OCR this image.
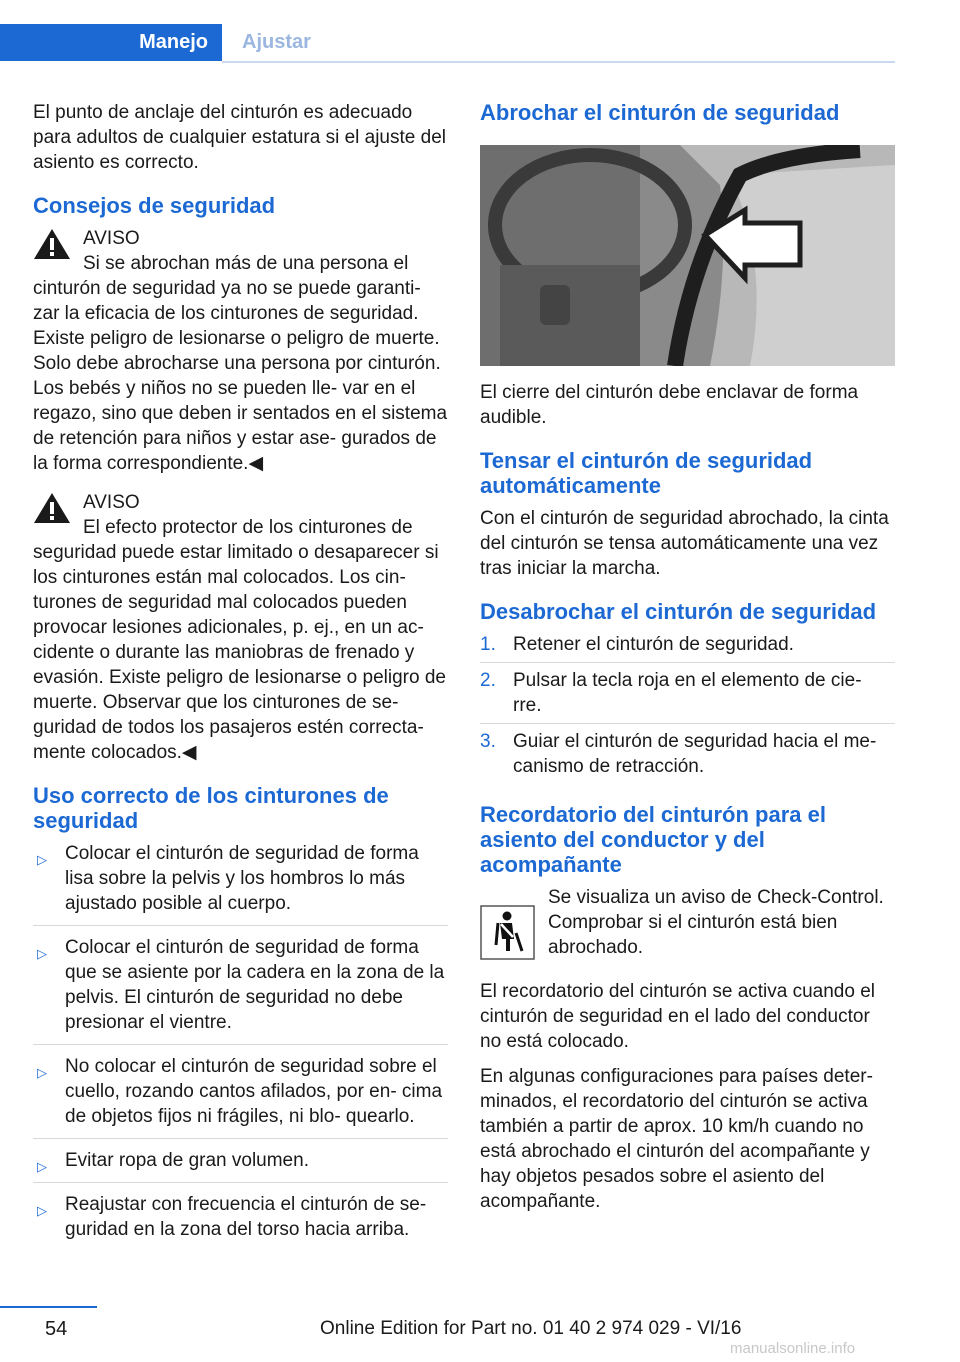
Manejo	Ajustar

El punto de anclaje del cinturón es adecuado para adultos de cualquier estatura si el ajuste del asiento es correcto.

Consejos de seguridad
AVISO
Si se abrochan más de una persona el cinturón de seguridad ya no se puede garanti- zar la eficacia de los cinturones de seguridad. Existe peligro de lesionarse o peligro de muerte. Solo debe abrocharse una persona por cinturón. Los bebés y niños no se pueden lle- var en el regazo, sino que deben ir sentados en el sistema de retención para niños y estar ase- gurados de la forma correspondiente.◀
AVISO
El efecto protector de los cinturones de seguridad puede estar limitado o desaparecer si los cinturones están mal colocados. Los cin- turones de seguridad mal colocados pueden provocar lesiones adicionales, p. ej., en un ac- cidente o durante las maniobras de frenado y evasión. Existe peligro de lesionarse o peligro de muerte. Observar que los cinturones de se- guridad de todos los pasajeros estén correcta- mente colocados.◀
Uso correcto de los cinturones de seguridad
▷ Colocar el cinturón de seguridad de forma lisa sobre la pelvis y los hombros lo más ajustado posible al cuerpo.
▷ Colocar el cinturón de seguridad de forma que se asiente por la cadera en la zona de la pelvis. El cinturón de seguridad no debe presionar el vientre.
▷ No colocar el cinturón de seguridad sobre el cuello, rozando cantos afilados, por en- cima de objetos fijos ni frágiles, ni blo- quearlo.
▷ Evitar ropa de gran volumen.
▷ Reajustar con frecuencia el cinturón de se- guridad en la zona del torso hacia arriba.
Abrochar el cinturón de seguridad

El cierre del cinturón debe enclavar de forma audible.

Tensar el cinturón de seguridad automáticamente

Con el cinturón de seguridad abrochado, la cinta del cinturón se tensa automáticamente una vez tras iniciar la marcha.

Desabrochar el cinturón de seguridad
1. Retener el cinturón de seguridad.
2. Pulsar la tecla roja en el elemento de cie- rre.
3. Guiar el cinturón de seguridad hacia el me- canismo de retracción.
Recordatorio del cinturón para el asiento del conductor y del acompañante
Se visualiza un aviso de Check-Control. Comprobar si el cinturón está bien abrochado.

El recordatorio del cinturón se activa cuando el cinturón de seguridad en el lado del conductor no está colocado.

En algunas configuraciones para países deter- minados, el recordatorio del cinturón se activa también a partir de aprox. 10 km/h cuando no está abrochado el cinturón del acompañante y hay objetos pesados sobre el asiento del acompañante.

54	Online Edition for Part no. 01 40 2 974 029 - VI/16
manualsonline.info
